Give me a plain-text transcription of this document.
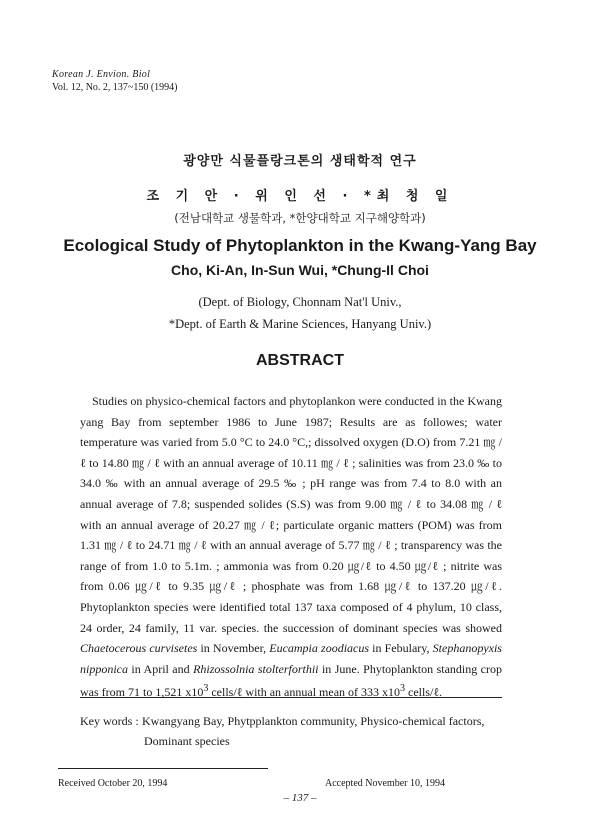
Korean J. Envion. Biol
Vol. 12, No. 2, 137~150 (1994)
광양만 식물플랑크톤의 생태학적 연구
조 기 안 · 위 인 선 · *최 청 일
(전남대학교 생물학과, *한양대학교 지구해양학과)
Ecological Study of Phytoplankton in the Kwang-Yang Bay
Cho, Ki-An, In-Sun Wui, *Chung-Il Choi
(Dept. of Biology, Chonnam Nat'l Univ.,
*Dept. of Earth & Marine Sciences, Hanyang Univ.)
ABSTRACT

Studies on physico-chemical factors and phytoplankon were conducted in the Kwang yang Bay from september 1986 to June 1987; Results are as followes; water temperature was varied from 5.0 °C to 24.0 °C,; dissolved oxygen (D.O) from 7.21 ㎎ / ℓ to 14.80 ㎎ / ℓ with an annual average of 10.11 ㎎ / ℓ ; salinities was from 23.0 ‰ to 34.0 ‰ with an annual average of 29.5 ‰ ; pH range was from 7.4 to 8.0 with an annual average of 7.8; suspended solides (S.S) was from 9.00 ㎎ / ℓ to 34.08 ㎎ / ℓ with an annual average of 20.27 ㎎ / ℓ; particulate organic matters (POM) was from 1.31 ㎎ / ℓ to 24.71 ㎎ / ℓ with an annual average of 5.77 ㎎ / ℓ ; transparency was the range of from 1.0 to 5.1m. ; ammonia was from 0.20 ㎍/ℓ to 4.50 ㎍/ℓ ; nitrite was from 0.06 ㎍/ℓ to 9.35 ㎍/ℓ ; phosphate was from 1.68 ㎍/ℓ to 137.20 ㎍/ℓ. Phytoplankton species were identified total 137 taxa composed of 4 phylum, 10 class, 24 order, 24 family, 11 var. species. the succession of dominant species was showed Chaetocerous curvisetes in November, Eucampia zoodiacus in Febulary, Stephanopyxis nipponica in April and Rhizossolnia stolterforthii in June. Phytoplankton standing crop was from 71 to 1,521 $x10^3$ cells/ℓ with an annual mean of 333 $x10^3$ cells/ℓ.

Key words : Kwangyang Bay, Phytpplankton community, Physico-chemical factors,
Dominant species
Received October 20, 1994	Accepted November 10, 1994
– 137 –
